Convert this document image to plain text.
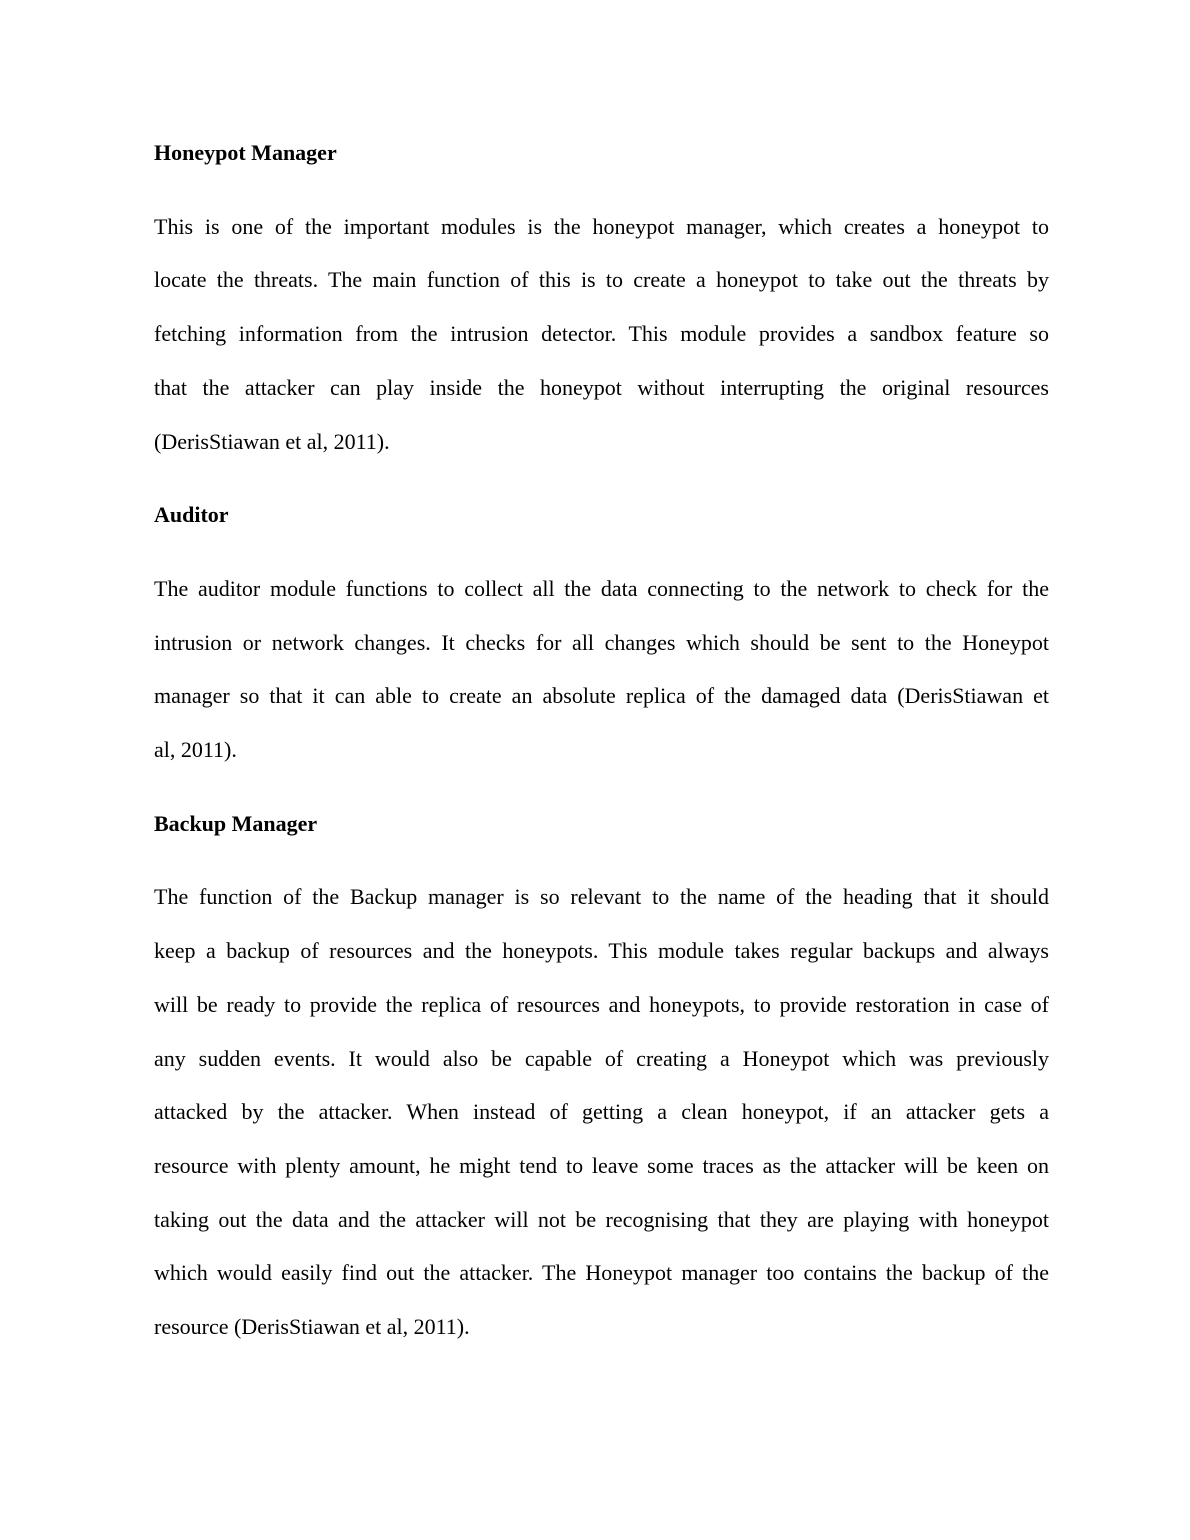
Honeypot Manager
This is one of the important modules is the honeypot manager, which creates a honeypot to
locate the threats. The main function of this is to create a honeypot to take out the threats by
fetching information from the intrusion detector. This module provides a sandbox feature so
that the attacker can play inside the honeypot without interrupting the original resources
(DerisStiawan et al, 2011).
Auditor
The auditor module functions to collect all the data connecting to the network to check for the
intrusion or network changes. It checks for all changes which should be sent to the Honeypot
manager so that it can able to create an absolute replica of the damaged data (DerisStiawan et
al, 2011).
Backup Manager
The function of the Backup manager is so relevant to the name of the heading that it should
keep a backup of resources and the honeypots. This module takes regular backups and always
will be ready to provide the replica of resources and honeypots, to provide restoration in case of
any sudden events. It would also be capable of creating a Honeypot which was previously
attacked by the attacker. When instead of getting a clean honeypot, if an attacker gets a
resource with plenty amount, he might tend to leave some traces as the attacker will be keen on
taking out the data and the attacker will not be recognising that they are playing with honeypot
which would easily find out the attacker. The Honeypot manager too contains the backup of the
resource (DerisStiawan et al, 2011).
